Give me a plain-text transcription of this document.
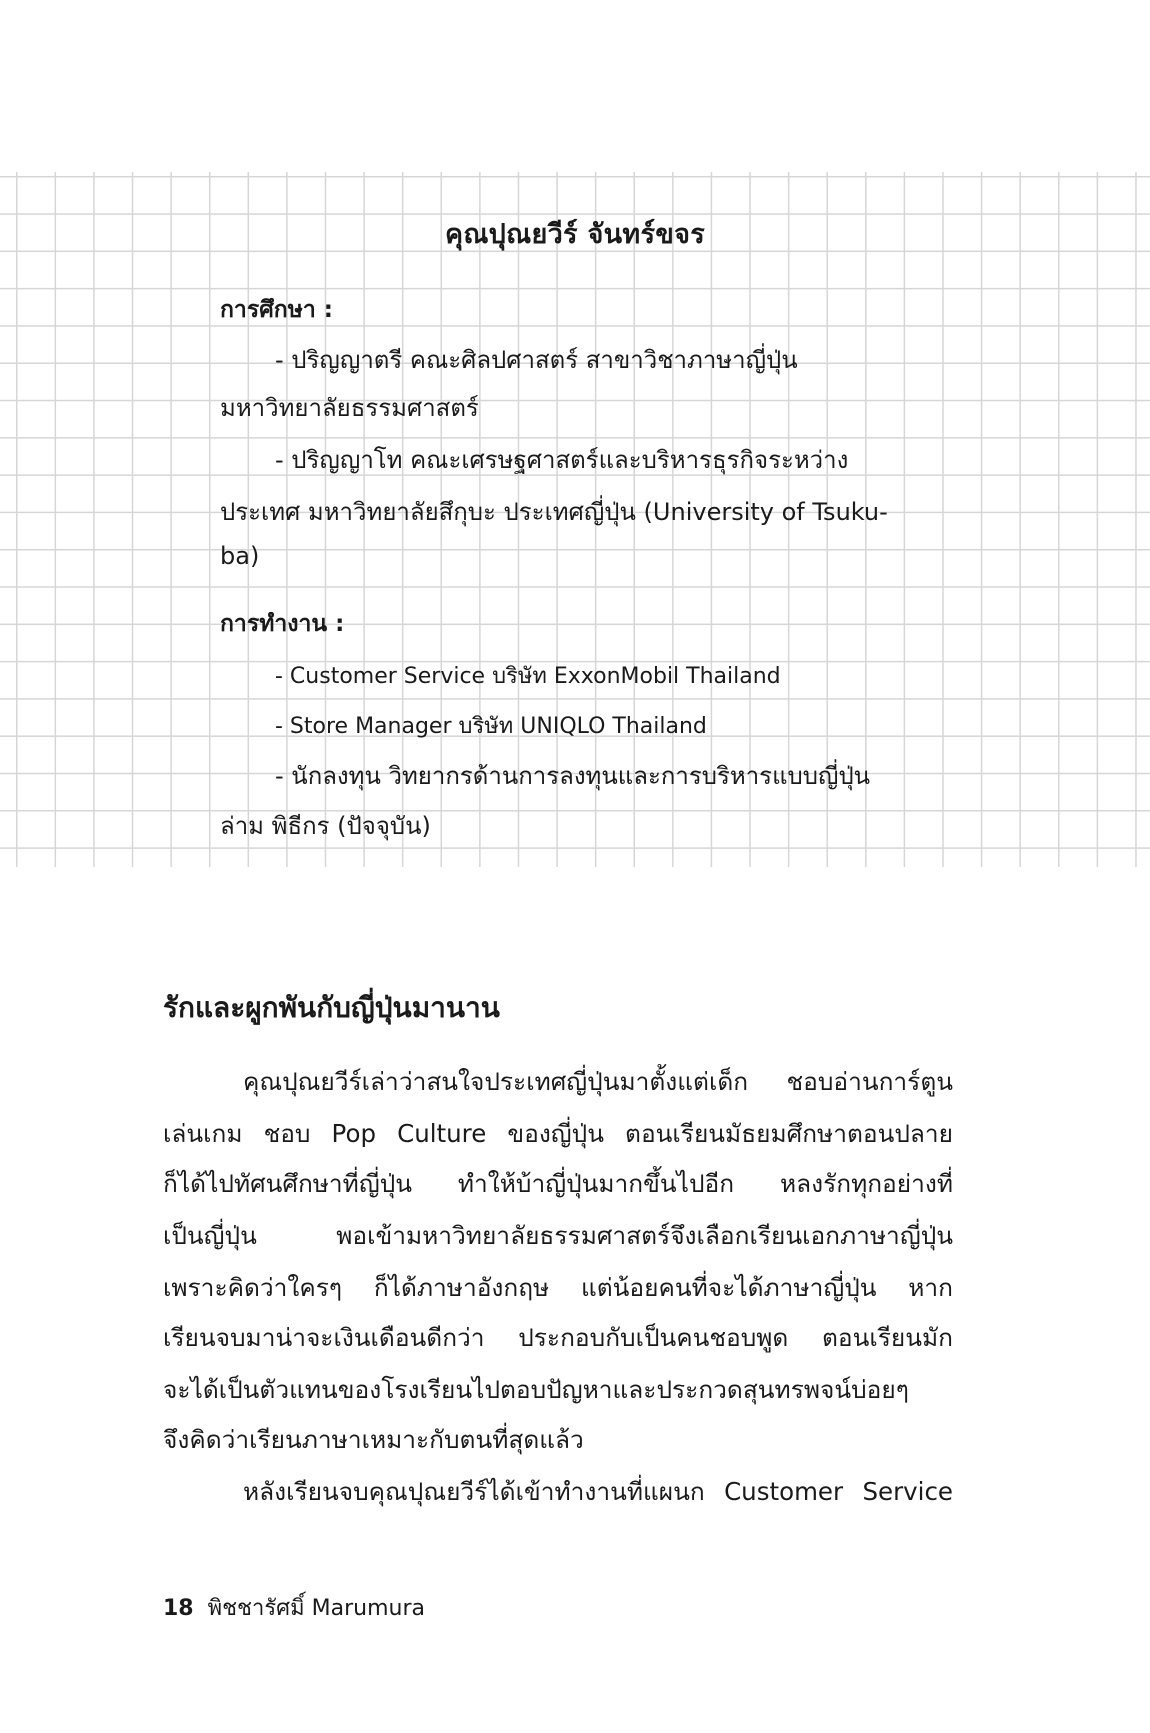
คุณปุณยวีร์ จันทร์ขจร
การศึกษา :
- ปริญญาตรี คณะศิลปศาสตร์ สาขาวิชาภาษาญี่ปุ่น
มหาวิทยาลัยธรรมศาสตร์
- ปริญญาโท คณะเศรษฐศาสตร์และบริหารธุรกิจระหว่าง
ประเทศ มหาวิทยาลัยสึกุบะ ประเทศญี่ปุ่น (University of Tsuku-
ba)
การทำงาน :
- Customer Service บริษัท ExxonMobil Thailand
- Store Manager บริษัท UNIQLO Thailand
- นักลงทุน วิทยากรด้านการลงทุนและการบริหารแบบญี่ปุ่น
ล่าม พิธีกร (ปัจจุบัน)
รักและผูกพันกับญี่ปุ่นมานาน
คุณปุณยวีร์เล่าว่าสนใจประเทศญี่ปุ่นมาตั้งแต่เด็ก ชอบอ่านการ์ตูน
เล่นเกม ชอบ Pop Culture ของญี่ปุ่น ตอนเรียนมัธยมศึกษาตอนปลาย
ก็ได้ไปทัศนศึกษาที่ญี่ปุ่น ทำให้บ้าญี่ปุ่นมากขึ้นไปอีก หลงรักทุกอย่างที่
เป็นญี่ปุ่น พอเข้ามหาวิทยาลัยธรรมศาสตร์จึงเลือกเรียนเอกภาษาญี่ปุ่น
เพราะคิดว่าใครๆ ก็ได้ภาษาอังกฤษ แต่น้อยคนที่จะได้ภาษาญี่ปุ่น หาก
เรียนจบมาน่าจะเงินเดือนดีกว่า ประกอบกับเป็นคนชอบพูด ตอนเรียนมัก
จะได้เป็นตัวแทนของโรงเรียนไปตอบปัญหาและประกวดสุนทรพจน์บ่อยๆ
จึงคิดว่าเรียนภาษาเหมาะกับตนที่สุดแล้ว
หลังเรียนจบคุณปุณยวีร์ได้เข้าทำงานที่แผนก Customer Service
18 พิชชารัศมิ์ Marumura
